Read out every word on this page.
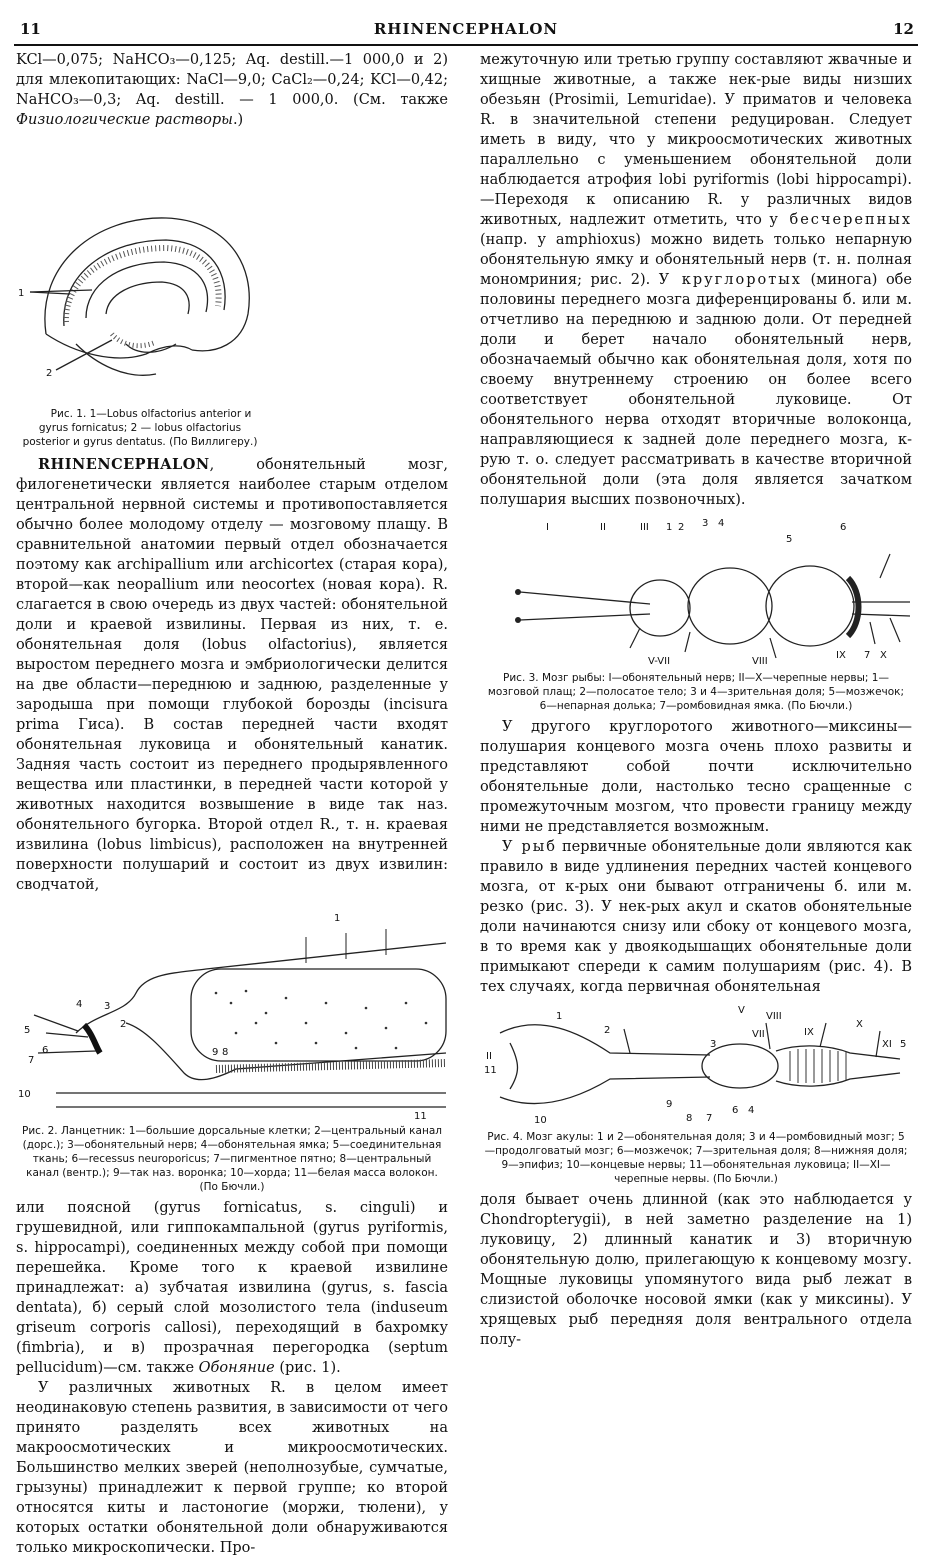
11	RHINENCEPHALON	12

KCl—0,075; NaHCO₃—0,125; Aq. destill.—1 000,0 и 2) для млекопитающих: NaCl—9,0; CaCl₂—0,24; KCl—0,42; NaHCO₃—0,3; Aq. destill. — 1 000,0. (См. также Физиологические растворы.)

1
2
Рис. 1. 1—Lobus olfactorius anterior и gyrus fornicatus; 2 — lobus olfactorius posterior и gyrus dentatus. (По Виллигеру.)
RHINENCEPHALON, обонятельный мозг, филогенетически является наиболее старым отделом центральной нервной системы и противопоставляется обычно более молодому отделу — мозговому плащу. В сравнительной анатомии первый отдел обозначается поэтому как archipallium или archicortex (старая кора), второй—как neopallium или neocortex (новая кора). R. слагается в свою очередь из двух частей: обонятельной доли и краевой извилины. Первая из них, т. е. обонятельная доля (lobus olfactorius), является выростом переднего мозга и эмбриологически делится на две области—переднюю и заднюю, разделенные у зародыша при помощи глубокой борозды (incisura prima Гиса). В состав передней части входят обонятельная луковица и обонятельный канатик. Задняя часть состоит из переднего продырявленного вещества или пластинки, в передней части которой у животных находится возвышение в виде так наз. обонятельного бугорка. Второй отдел R., т. н. краевая извилина (lobus limbicus), расположен на внутренней поверхности полушарий и состоит из двух извилин: сводчатой,

4 3
2
5
6
7
9 8
1
10
11
Рис. 2. Ланцетник: 1—большие дорсальные клетки; 2—центральный канал (дорс.); 3—обонятельный нерв; 4—обонятельная ямка; 5—соединительная ткань; 6—recessus neuroporicus; 7—пигментное пятно; 8—центральный канал (вентр.); 9—так наз. воронка; 10—хорда; 11—белая масса волокон. (По Бючли.)

или поясной (gyrus fornicatus, s. cinguli) и грушевидной, или гиппокампальной (gyrus pyriformis, s. hippocampi), соединенных между собой при помощи перешейка. Кроме того к краевой извилине принадлежат: а) зубчатая извилина (gyrus, s. fascia dentata), б) серый слой мозолистого тела (induseum griseum corporis callosi), переходящий в бахромку (fimbria), и в) прозрачная перегородка (septum pellucidum)—см. также Обоняние (рис. 1).

У различных животных R. в целом имеет неодинаковую степень развития, в зависимости от чего принято разделять всех животных на макроосмотических и микроосмотических. Большинство мелких зверей (неполнозубые, сумчатые, грызуны) принадлежит к первой группе; ко второй относятся киты и ластоногие (моржи, тюлени), у которых остатки обонятельной доли обнаруживаются только микроскопически. Про-

межуточную или третью группу составляют жвачные и хищные животные, а также нек-рые виды низших обезьян (Prosimii, Lemuridae). У приматов и человека R. в значительной степени редуцирован. Следует иметь в виду, что у микроосмотических животных параллельно с уменьшением обонятельной доли наблюдается атрофия lobi pyriformis (lobi hippocampi).—Переходя к описанию R. у различных видов животных, надлежит отметить, что у бесчерепных (напр. у amphioxus) можно видеть только непарную обонятельную ямку и обонятельный нерв (т. н. полная мономриния; рис. 2). У круглоротых (минога) обе половины переднего мозга диференцированы б. или м. отчетливо на переднюю и заднюю доли. От передней доли и берет начало обонятельный нерв, обозначаемый обычно как обонятельная доля, хотя по своему внутреннему строению он более всего соответствует обонятельной луковице. От обонятельного нерва отходят вторичные волоконца, направляющиеся к задней доле переднего мозга, к-рую т. о. следует рассматривать в качестве вторичной обонятельной доли (эта доля является зачатком полушария высших позвоночных).

I	II	III 1 2 3 4
5
6
V-VII	VIII
IX 7 X
Рис. 3. Мозг рыбы: I—обонятельный нерв; II—X—черепные нервы; 1—мозговой плащ; 2—полосатое тело; 3 и 4—зрительная доля; 5—мозжечок; 6—непарная долька; 7—ромбовидная ямка. (По Бючли.)

У другого круглоротого животного—миксины—полушария концевого мозга очень плохо развиты и представляют собой почти исключительно обонятельные доли, настолько тесно сращенные с промежуточным мозгом, что провести границу между ними не представляется возможным.

У рыб первичные обонятельные доли являются как правило в виде удлинения передних частей концевого мозга, от к-рых они бывают отграничены б. или м. резко (рис. 3). У нек-рых акул и скатов обонятельные доли начинаются снизу или сбоку от концевого мозга, в то время как у двоякодышащих обонятельные доли примыкают спереди к самим полушариям (рис. 4). В тех случаях, когда первичная обонятельная

II
11
1
2
3
V
VII
VIII
IX
X
XI 5
10
9
8 7
6 4
Рис. 4. Мозг акулы: 1 и 2—обонятельная доля; 3 и 4—ромбовидный мозг; 5—продолговатый мозг; 6—мозжечок; 7—зрительная доля; 8—нижняя доля; 9—эпифиз; 10—концевые нервы; 11—обонятельная луковица; II—XI—черепные нервы. (По Бючли.)

доля бывает очень длинной (как это наблюдается у Chondropterygii), в ней заметно разделение на 1) луковицу, 2) длинный канатик и 3) вторичную обонятельную долю, прилегающую к концевому мозгу. Мощные луковицы упомянутого вида рыб лежат в слизистой оболочке носовой ямки (как у миксины). У хрящевых рыб передняя доля вентрального отдела полу-
